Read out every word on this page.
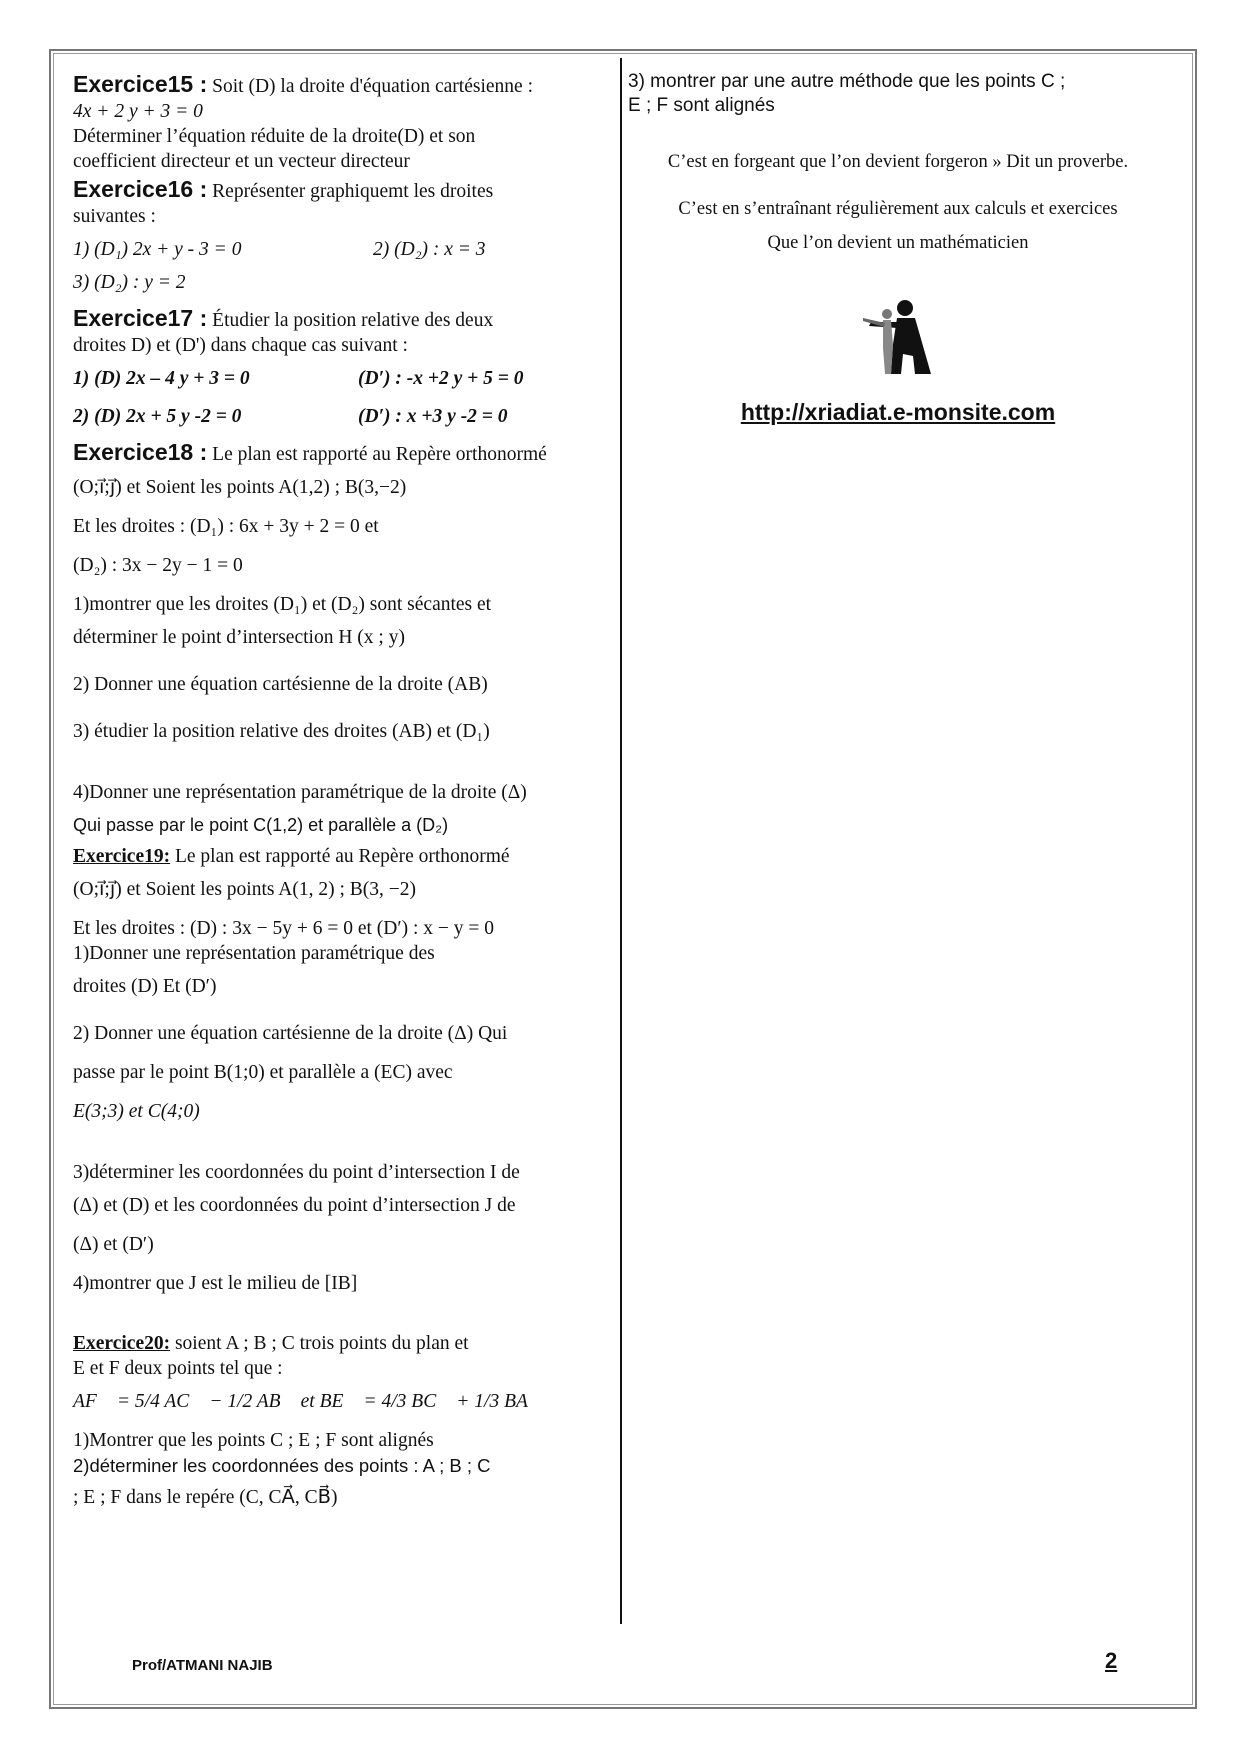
Exercice15 : Soit (D) la droite d'équation cartésienne :

4x + 2 y + 3 = 0

Déterminer l’équation réduite de la droite(D) et son

coefficient directeur et un vecteur directeur

Exercice16 : Représenter graphiquemt les droites

suivantes :

1) (D₁) 2x + y - 3 = 0	2) (D₂) : x = 3

3) (D₂) : y = 2

Exercice17 : Étudier la position relative des deux

droites D) et (D') dans chaque cas suivant :

1) (D) 2x – 4 y + 3 = 0	(D′) : -x +2 y + 5 = 0
2) (D) 2x + 5 y -2 = 0	(D′) : x +3 y -2 = 0

Exercice18 : Le plan est rapporté au Repère orthonormé

(O;i⃗;j⃗) et Soient les points A(1,2) ; B(3,−2)

Et les droites : (D₁) : 6x + 3y + 2 = 0 et

(D₂) : 3x − 2y − 1 = 0

1)montrer que les droites (D₁) et (D₂) sont sécantes et

déterminer le point d’intersection H (x ; y)

2) Donner une équation cartésienne de la droite (AB)

3) étudier la position relative des droites (AB) et (D₁)

4)Donner une représentation paramétrique de la droite (Δ)

Qui passe par le point C(1,2) et parallèle a (D₂)

Exercice19: Le plan est rapporté au Repère orthonormé

(O;i⃗;j⃗) et Soient les points A(1, 2) ; B(3, −2)

Et les droites : (D) : 3x − 5y + 6 = 0 et (D′) : x − y = 0

1)Donner une représentation paramétrique des

droites (D) Et (D′)

2) Donner une équation cartésienne de la droite (Δ) Qui

passe par le point B(1;0) et parallèle a (EC) avec

E(3;3) et C(4;0)

3)déterminer les coordonnées du point d’intersection I de

(Δ) et (D) et les coordonnées du point d’intersection J de

(Δ) et (D′)

4)montrer que J est le milieu de [IB]

Exercice20: soient A ; B ; C trois points du plan et

E et F deux points tel que :

AF⃗ = 5/4 AC⃗ − 1/2 AB⃗ et BE⃗ = 4/3 BC⃗ + 1/3 BA⃗

1)Montrer que les points C ; E ; F sont alignés

2)déterminer les coordonnées des points : A ; B ; C

; E ; F dans le repére (C, CA⃗, CB⃗)

3) montrer par une autre méthode que les points C ;

E ; F sont alignés

C’est en forgeant que l’on devient forgeron » Dit un proverbe.

C’est en s’entraînant régulièrement aux calculs et exercices

Que l’on devient un mathématicien

http://xriadiat.e-monsite.com

Prof/ATMANI NAJIB	2
